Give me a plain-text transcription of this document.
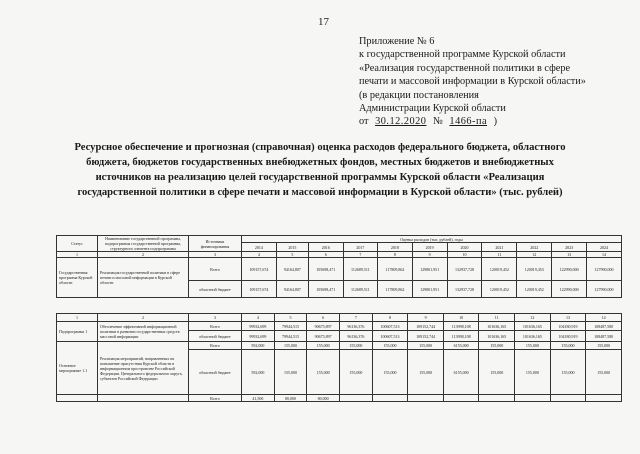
17
Приложение № 6
к государственной программе Курской области
«Реализация государственной политики в сфере
печати и массовой информации в Курской области»
(в редакции постановления
Администрации Курской области
от 30.12.2020 № 1466-па )
Ресурсное обеспечение и прогнозная (справочная) оценка расходов федерального бюджета, областного бюджета, бюджетов государственных внебюджетных фондов, местных бюджетов и внебюджетных источников на реализацию целей государственной программы Курской области «Реализация государственной политики в сфере печати и массовой информации в Курской области» (тыс. рублей)
Статус	Наименование государственной программы, подпрограммы государственной программы, структурного элемента подпрограммы	Источники финансирования	Оценка расходов (тыс. рублей), годы										
			2014	2015	2016	2017	2018	2019	2020	2021	2022	2023	2024
1	2	3	4	5	6	7	8	9	10	11	12	13	14
Государственная программа Курской области	Реализация государственной политики в сфере печати и массовой информации в Курской области	Всего	109157,674	94164,807	105698,471	112689,511	117809,862	129801,951	132937,728	120019,452	120019,453	122990,000	127990,000
		областной бюджет	109157,674	94164,807	105698,471	112689,511	117809,862	129801,951	132937,728	120019,452	120019,452	122990,000	127990,000
1	2	3	4	5	6	7	8	9	10	11	12	13	14
Подпрограмма 1	Обеспечение эффективной информационной политики в развитии государственных средств массовой информации	Всего	99932,699	79944,515	90675,897	96136,376	100607,513	109152,744	113998,108	101636,165	101636,165	104180,919	108487,580
		областной бюджет	99932,699	79944,515	90675,897	96136,376	100607,513	109152,744	113998,108	101636,165	101636,165	104180,919	108487,580
Основное мероприятие 1.1	Реализация мероприятий, направленных на повышение присутствия Курской области в информационном пространстве Российской Федерации. Центрального федерального округа, субъектов Российской Федерации	Всего	592,000	155,000	155,000	155,000	155,000	155,000	6155,000	155,000	155,000	155,000	155,000
		областной бюджет	592,000	155,000	155,000	155,000	155,000	155,000	6155,000	155,000	155,000	155,000	155,000
		Всего	41,500	80,000	80,000								
